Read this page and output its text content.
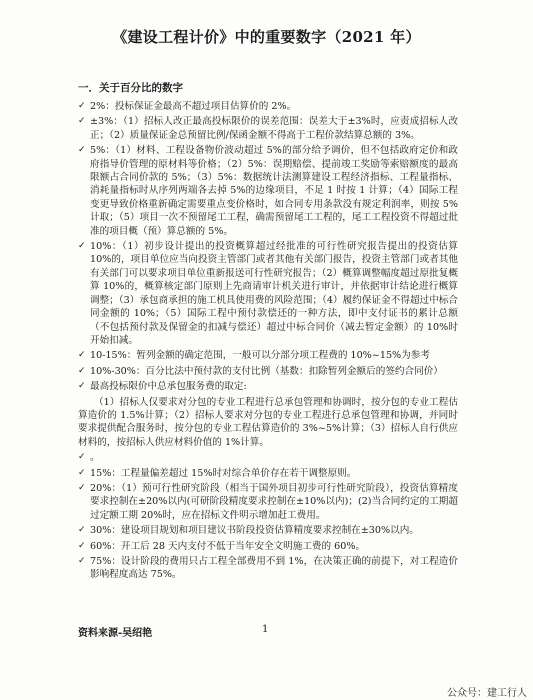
《建设工程计价》中的重要数字（2021 年）
一．关于百分比的数字
✓ 2%：投标保证金最高不超过项目估算价的 2%。
✓ ±3%：（1）招标人改正最高投标限价的误差范围：误差大于±3%时，应责成招标人改正；（2）质量保证金总预留比例/保函金额不得高于工程价款结算总额的 3%。
✓ 5%：（1）材料、工程设备物价波动超过 5%的部分给予调价，但不包括政府定价和政府指导价管理的原材料等价格；（2）5%：误期赔偿、提前竣工奖励等索赔额度的最高限额占合同价款的 5%；（3）5%：数据统计法测算建设工程经济指标、工程量指标、消耗量指标时从序列两端各去掉 5%的边缘项目，不足 1 时按 1 计算；（4）国际工程变更导致价格重新确定需要重点变价格时，如合同专用条款没有规定利润率，则按 5%计取；（5）项目一次不预留尾工工程，确需预留尾工工程的，尾工工程投资不得超过批准的项目概（预）算总额的 5%。
✓ 10%：（1）初步设计提出的投资概算超过经批准的可行性研究报告提出的投资估算 10%的，项目单位应当向投资主管部门或者其他有关部门报告，投资主管部门或者其他有关部门可以要求项目单位重新报送可行性研究报告；（2）概算调整幅度超过原批复概算 10%的，概算核定部门原则上先商请审计机关进行审计，并依据审计结论进行概算调整；（3）承包商承担的施工机具使用费的风险范围；（4）履约保证金不得超过中标合同金额的 10%；（5）国际工程中预付款偿还的一种方法，即中支付证书的累计总额（不包括预付款及保留金的扣减与偿还）超过中标合同价（减去暂定金额）的 10%时开始扣减。
✓ 10-15%：暂列金额的确定范围，一般可以分部分项工程费的 10%~15%为参考
✓ 10%-30%：百分比法中预付款的支付比例（基数：扣除暂列金额后的签约合同价）
✓ 最高投标限价中总承包服务费的取定:
（1）招标人仅要求对分包的专业工程进行总承包管理和协调时，按分包的专业工程估算造价的 1.5%计算；（2）招标人要求对分包的专业工程进行总承包管理和协调，并同时要求提供配合服务时，按分包的专业工程估算造价的 3%~5%计算；（3）招标人自行供应材料的，按招标人供应材料价值的 1%计算。
✓ 。
✓ 15%：工程量偏差超过 15%时对综合单价存在若干调整原则。
✓ 20%：（1）预可行性研究阶段（相当于国外项目初步可行性研究阶段），投资估算精度要求控制在±20%以内(可研阶段精度要求控制在±10%以内)；(2)当合同约定的工期超过定额工期 20%时，应在招标文件明示增加赶工费用。
✓ 30%：建设项目规划和项目建议书阶段投资估算精度要求控制在±30%以内。
✓ 60%：开工后 28 天内支付不低于当年安全文明施工费的 60%。
✓ 75%：设计阶段的费用只占工程全部费用不到 1%，在决策正确的前提下，对工程造价影响程度高达 75%。
资料来源-吴绍艳	1
公众号：建工行人
